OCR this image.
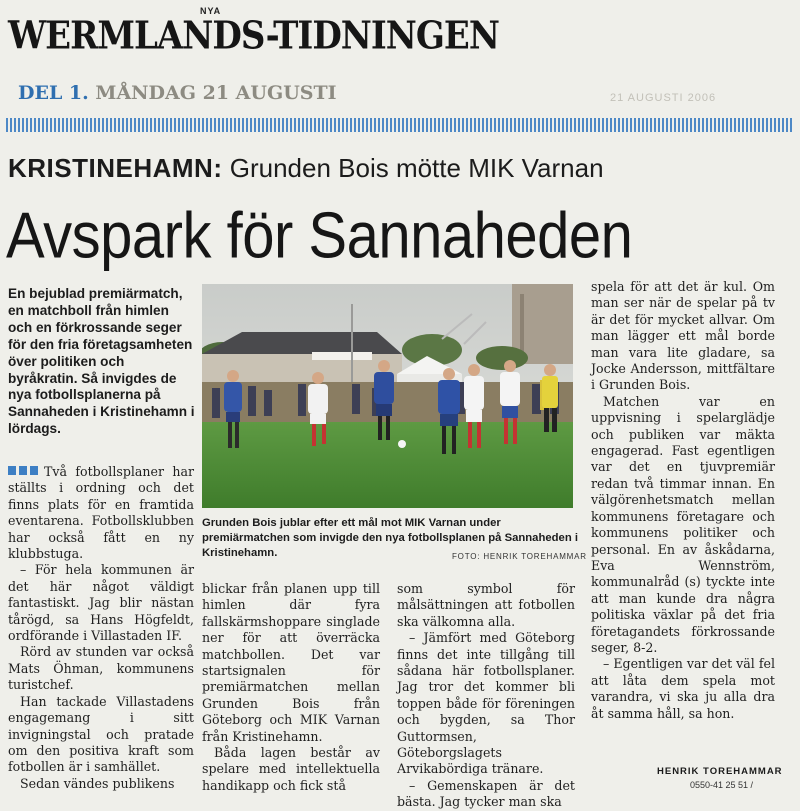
NYA
WERMLANDS-TIDNINGEN
DEL 1. MÅNDAG 21 AUGUSTI	21 AUGUSTI 2006
KRISTINEHAMN: Grunden Bois mötte MIK Varnan
Avspark för Sannaheden
En bejublad premiärmatch, en matchboll från himlen och en förkrossande seger för den fria företagsamheten över politiken och byråkratin. Så invigdes de nya fotbollsplanerna på Sannaheden i Kristinehamn i lördags.
Grunden Bois jublar efter ett mål mot MIK Varnan under premiärmatchen som invigde den nya fotbollsplanen på Sannaheden i Kristinehamn.	FOTO: HENRIK TOREHAMMAR

Två fotbollsplaner har ställts i ordning och det finns plats för en framtida eventarena. Fotbollsklubben har också fått en ny klubbstuga.

– För hela kommunen är det här något väldigt fantastiskt. Jag blir nästan tårögd, sa Hans Högfeldt, ordförande i Villastaden IF.

Rörd av stunden var också Mats Öhman, kommunens turistchef.

Han tackade Villastadens engagemang i sitt invigningstal och pratade om den positiva kraft som fotbollen är i samhället.

Sedan vändes publikens

blickar från planen upp till himlen där fyra fallskärmshoppare singlade ner för att överräcka matchbollen. Det var startsignalen för premiärmatchen mellan Grunden Bois från Göteborg och MIK Varnan från Kristinehamn.

Båda lagen består av spelare med intellektuella handikapp och fick stå

som symbol för målsättningen att fotbollen ska välkomna alla.

– Jämfört med Göteborg finns det inte tillgång till sådana här fotbollsplaner. Jag tror det kommer bli toppen både för föreningen och bygden, sa Thor Guttormsen, Göteborgslagets Arvikabördiga tränare.

– Gemenskapen är det bästa. Jag tycker man ska

spela för att det är kul. Om man ser när de spelar på tv är det för mycket allvar. Om man lägger ett mål borde man vara lite gladare, sa Jocke Andersson, mittfältare i Grunden Bois.

Matchen var en uppvisning i spelarglädje och publiken var mäkta engagerad. Fast egentligen var det en tjuvpremiär redan två timmar innan. En välgörenhetsmatch mellan kommunens företagare och kommunens politiker och personal. En av åskådarna, Eva Wennström, kommunalråd (s) tyckte inte att man kunde dra några politiska växlar på det fria företagandets förkrossande seger, 8-2.

– Egentligen var det väl fel att låta dem spela mot varandra, vi ska ju alla dra åt samma håll, sa hon.

HENRIK TOREHAMMAR
0550-41 25 51 /
